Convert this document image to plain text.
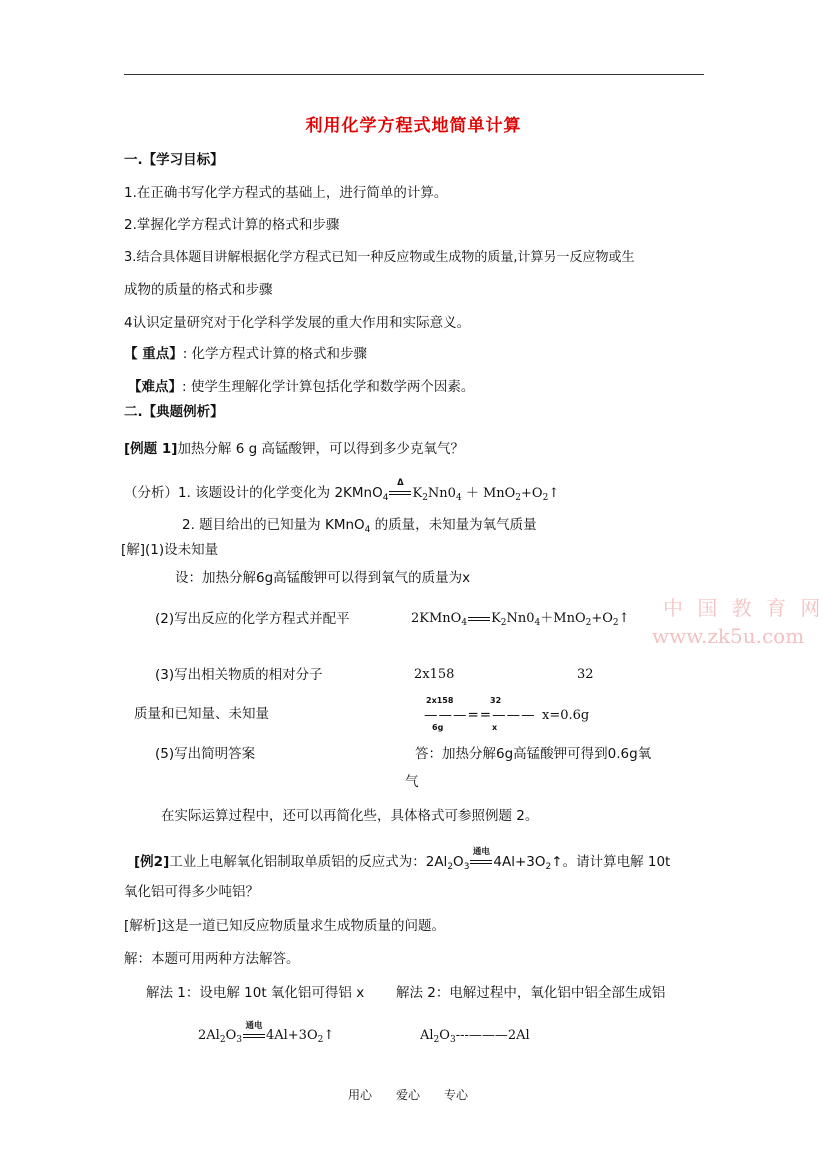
利用化学方程式地简单计算
一.【学习目标】
1.在正确书写化学方程式的基础上，进行简单的计算。
2.掌握化学方程式计算的格式和步骤
3.结合具体题目讲解根据化学方程式已知一种反应物或生成物的质量,计算另一反应物或生
成物的质量的格式和步骤
4认识定量研究对于化学科学发展的重大作用和实际意义。
【 重点】: 化学方程式计算的格式和步骤
【难点】: 使学生理解化学计算包括化学和数学两个因素。
二.【典题例析】
[例题 1]加热分解 6 g 高锰酸钾，可以得到多少克氧气？
（分析）1. 该题设计的化学变化为 2KMnO$_4$
Δ
$K_2Nn0_4$ ＋ $MnO_2+O_2↑$
2. 题目给出的已知量为 KMnO$_4$ 的质量，未知量为氧气质量
[解](1)设未知量
设：加热分解6g高锰酸钾可以得到氧气的质量为x
(2)写出反应的化学方程式并配平	2KMnO$_4$ $K_2Nn0_4+MnO_2+O_2↑$ 中 国 教 育 网
www.zk5u.com
(3)写出相关物质的相对分子	2x158	32
质量和已知量、未知量
2x158	32
———==———
6g	x
x=0.6g
(5)写出简明答案	答：加热分解6g高锰酸钾可得到0.6g氧
气
在实际运算过程中，还可以再简化些，具体格式可参照例题 2。
[例2]工业上电解氧化铝制取单质铝的反应式为：$2Al_2O_3$
通电
$4Al+3O_2↑$。请计算电解 10t
氧化铝可得多少吨铝？
[解析]这是一道已知反应物质量求生成物质量的问题。
解：本题可用两种方法解答。
解法 1：设电解 10t 氧化铝可得铝 x 解法 2：电解过程中，氧化铝中铝全部生成铝
$2Al_2O_3$
通电
$4Al+3O_2↑$	$Al_2O_3---———2Al$
用心　　爱心　　专心
